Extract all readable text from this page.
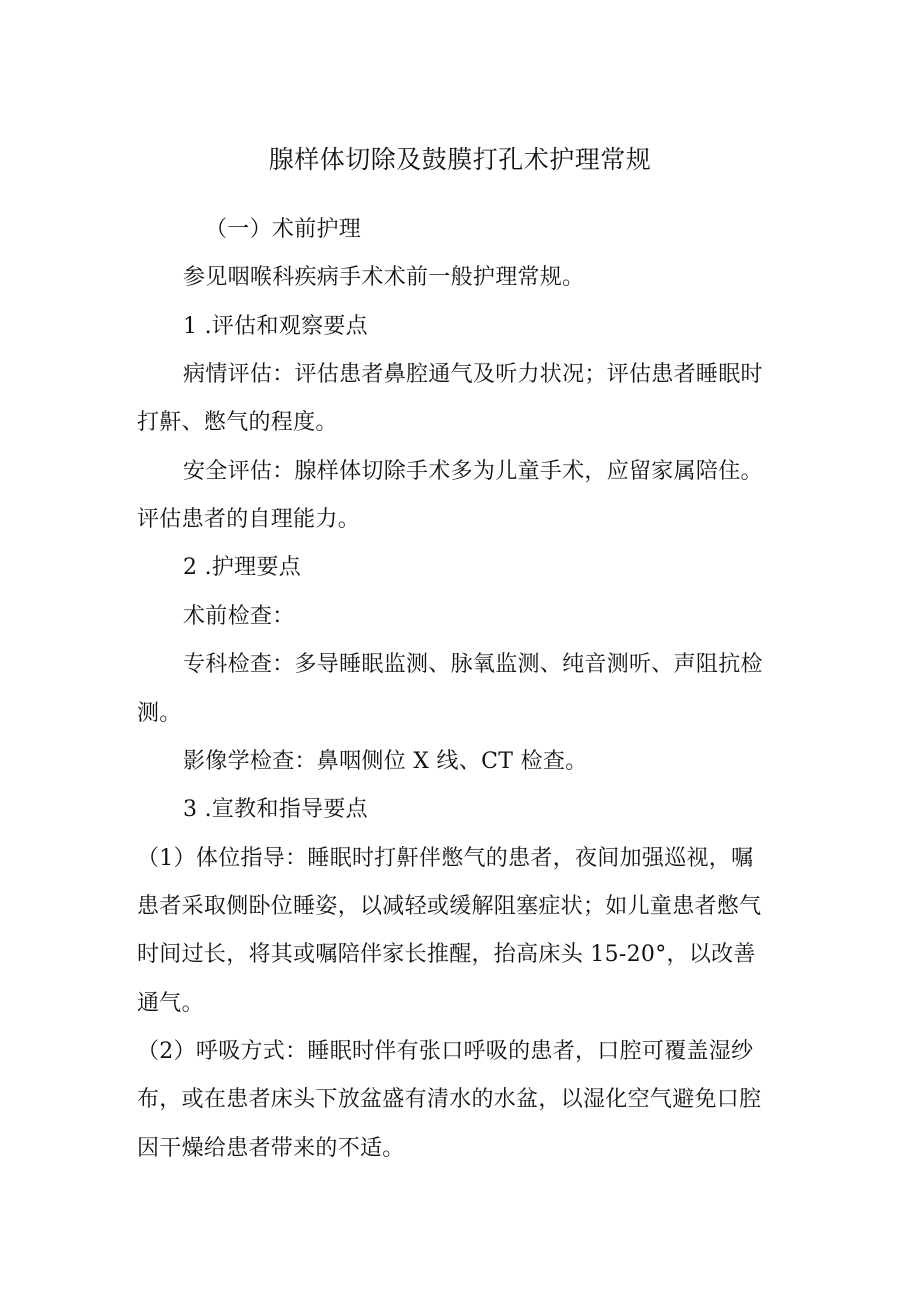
腺样体切除及鼓膜打孔术护理常规
（一）术前护理
参见咽喉科疾病手术术前一般护理常规。
1 .评估和观察要点
病情评估：评估患者鼻腔通气及听力状况；评估患者睡眠时
打鼾、憋气的程度。
安全评估：腺样体切除手术多为儿童手术，应留家属陪住。
评估患者的自理能力。
2 .护理要点
术前检查：
专科检查：多导睡眠监测、脉氧监测、纯音测听、声阻抗检
测。
影像学检查：鼻咽侧位 X 线、CT 检查。
3 .宣教和指导要点
（1）体位指导：睡眠时打鼾伴憋气的患者，夜间加强巡视，嘱
患者采取侧卧位睡姿，以减轻或缓解阻塞症状；如儿童患者憋气
时间过长，将其或嘱陪伴家长推醒，抬高床头 15-20°，以改善
通气。
（2）呼吸方式：睡眠时伴有张口呼吸的患者，口腔可覆盖湿纱
布，或在患者床头下放盆盛有清水的水盆，以湿化空气避免口腔
因干燥给患者带来的不适。
